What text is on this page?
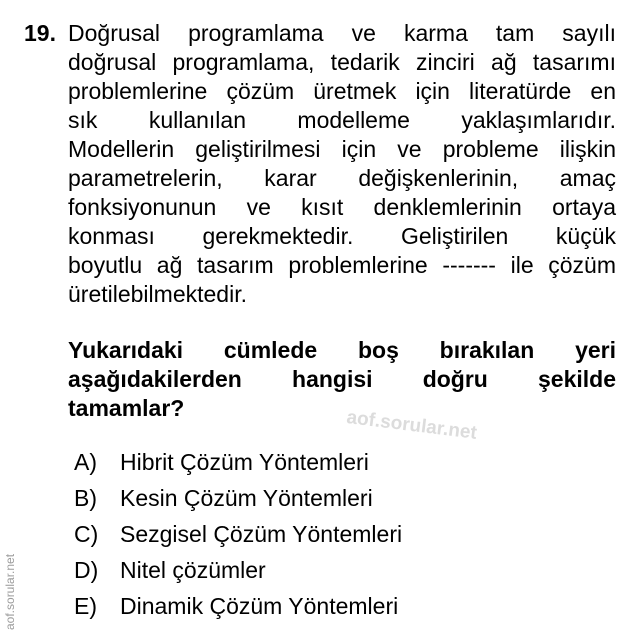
19. Doğrusal programlama ve karma tam sayılı
doğrusal programlama, tedarik zinciri ağ tasarımı
problemlerine çözüm üretmek için literatürde en
sık kullanılan modelleme yaklaşımlarıdır.
Modellerin geliştirilmesi için ve probleme ilişkin
parametrelerin, karar değişkenlerinin, amaç
fonksiyonunun ve kısıt denklemlerinin ortaya
konması gerekmektedir. Geliştirilen küçük
boyutlu ağ tasarım problemlerine ------- ile çözüm
üretilebilmektedir.
Yukarıdaki cümlede boş bırakılan yeri
aşağıdakilerden hangisi doğru şekilde
tamamlar?	aof.sorular.net
A)	Hibrit Çözüm Yöntemleri
B)	Kesin Çözüm Yöntemleri
C) Sezgisel Çözüm Yöntemleri
D) Nitel çözümler
E)	Dinamik Çözüm Yöntemleri
aof.sorular.net
